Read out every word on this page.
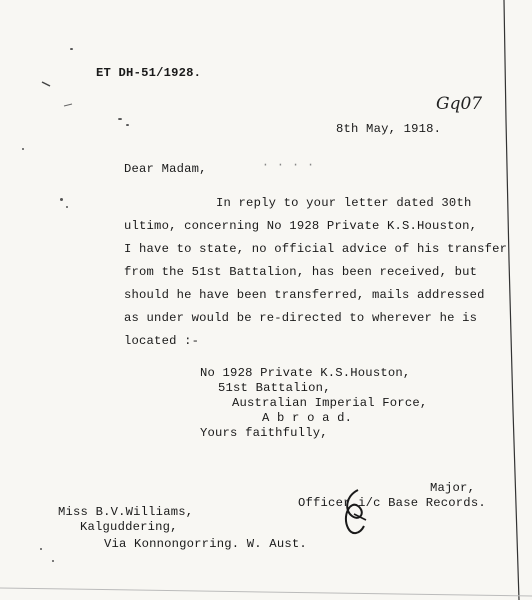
ET DH-51/1928.
Gq07
8th May, 1918.
Dear Madam,	ﾠ∙ ∙ ∙ ∙
In reply to your letter dated 30th
ultimo, concerning No 1928 Private K.S.Houston,
I have to state, no official advice of his transfer
from the 51st Battalion, has been received, but
should he have been transferred, mails addressed
as under would be re-directed to wherever he is
located :-
No 1928 Private K.S.Houston,
51st Battalion,
Australian Imperial Force,
A b r o a d.
Yours faithfully,
Major,
Officer i/c Base Records.
Miss B.V.Williams,
Kalguddering,
Via Konnongorring. W. Aust.
